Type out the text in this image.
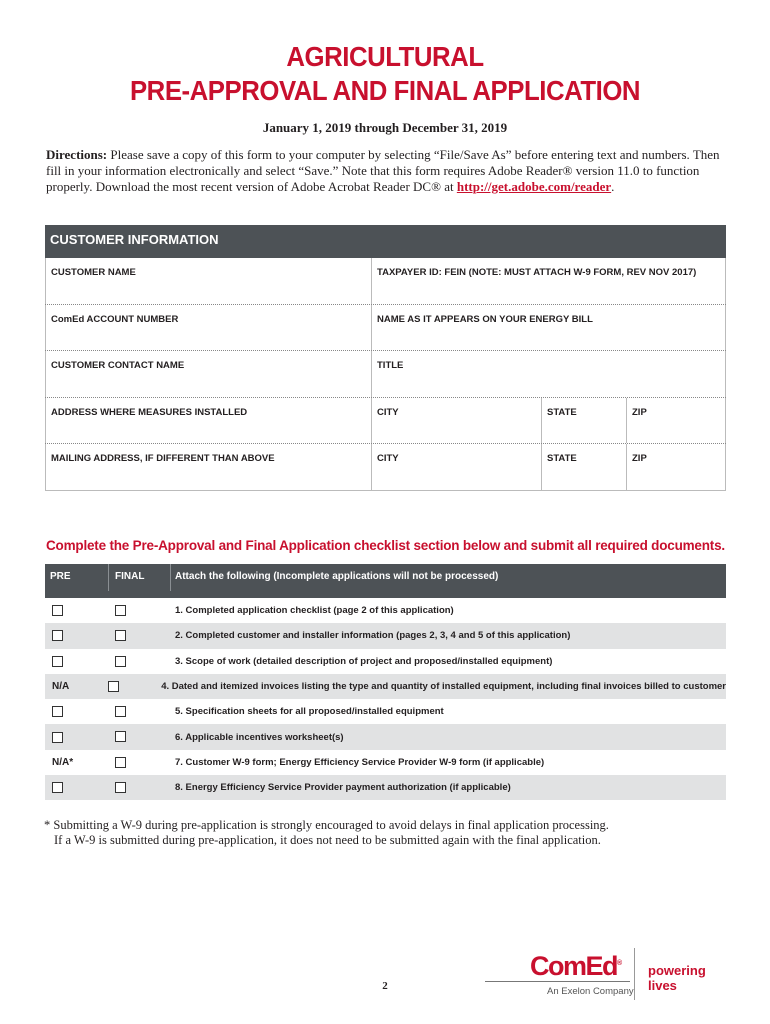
AGRICULTURAL
PRE-APPROVAL AND FINAL APPLICATION
January 1, 2019 through December 31, 2019
Directions: Please save a copy of this form to your computer by selecting “File/Save As” before entering text and numbers. Then fill in your information electronically and select “Save.” Note that this form requires Adobe Reader® version 11.0 to function properly. Download the most recent version of Adobe Acrobat Reader DC® at http://get.adobe.com/reader.
CUSTOMER INFORMATION
CUSTOMER NAME	TAXPAYER ID: FEIN (NOTE: MUST ATTACH W-9 FORM, REV NOV 2017)
ComEd ACCOUNT NUMBER	NAME AS IT APPEARS ON YOUR ENERGY BILL
CUSTOMER CONTACT NAME	TITLE
ADDRESS WHERE MEASURES INSTALLED	CITY	STATE	ZIP
MAILING ADDRESS, IF DIFFERENT THAN ABOVE	CITY	STATE	ZIP
Complete the Pre-Approval and Final Application checklist section below and submit all required documents.
PRE	FINAL	Attach the following (Incomplete applications will not be processed)
1. Completed application checklist (page 2 of this application)
2. Completed customer and installer information (pages 2, 3, 4 and 5 of this application)
3. Scope of work (detailed description of project and proposed/installed equipment)
N/A	4. Dated and itemized invoices listing the type and quantity of installed equipment, including final invoices billed to customer
5. Specification sheets for all proposed/installed equipment
6. Applicable incentives worksheet(s)
N/A*	7. Customer W-9 form; Energy Efficiency Service Provider W-9 form (if applicable)
8. Energy Efficiency Service Provider payment authorization (if applicable)
* Submitting a W-9 during pre-application is strongly encouraged to avoid delays in final application processing.
If a W-9 is submitted during pre-application, it does not need to be submitted again with the final application.
2
ComEd®
An Exelon Company
powering lives
